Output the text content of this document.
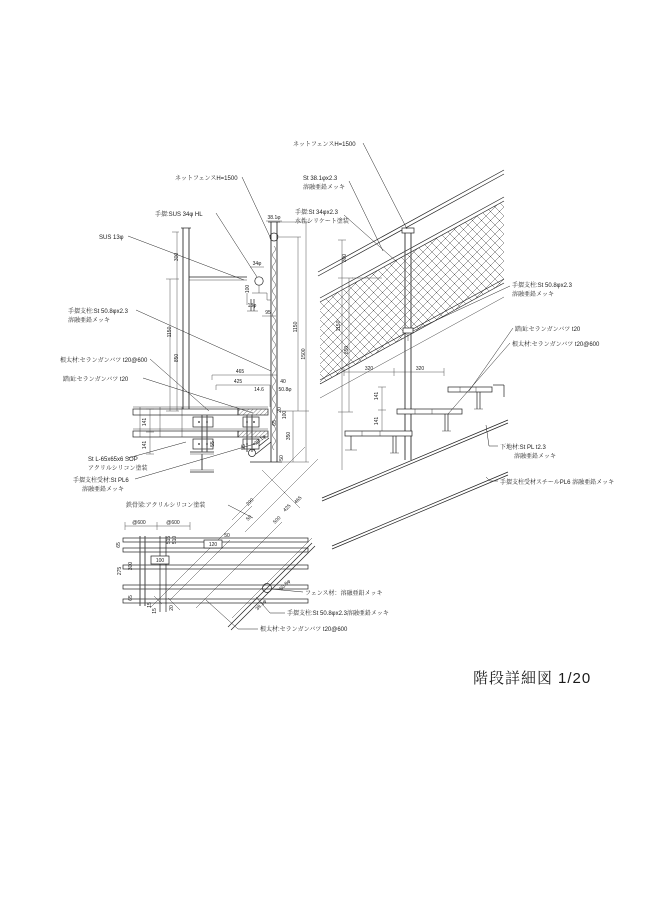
38.1φ
34φ
300
1150
850
100
13φ
95
1150
1500
465
425	40
14.6	50.8φ
141
141
65
20
100
55
55
350
50
38.1φ
ネットフェンスH=1500
手摺:SUS 34φ HL
SUS 13φ
手摺支柱:St 50.8φx2.3
溶融亜鉛メッキ
根太材:セランガンバツ t20@600
踏面:セランガンバツ t20
St L-65x65x6 SOP
アクリルシリコン塗装
手摺支柱受材:St PL6
溶融亜鉛メッキ
300
1150
850
320	320
141
141
ネットフェンスH=1500
St 38.1φx2.3
溶融亜鉛メッキ
手摺:St 34φx2.3
水性シリケート塗装
手摺支柱:St 50.8φx2.3
溶融亜鉛メッキ
踏面:セランガンバツ t20
根太材:セランガンバツ t20@600
下地材:St PL t2.3
溶融亜鉛メッキ
手摺支柱受材スチールPL6 溶融亜鉛メッキ
@600	@600
100
120
515 510
65
300
275
65
15
15
20
290
50	500
425
465
50
50.8φ
38.1φ
鉄骨梁:アクリルシリコン塗装
フェンス材：溶融亜鉛メッキ
手摺支柱:St 50.8φx2.3溶融亜鉛メッキ
根太材:セランガンバツ t20@600
階段詳細図 1/20
